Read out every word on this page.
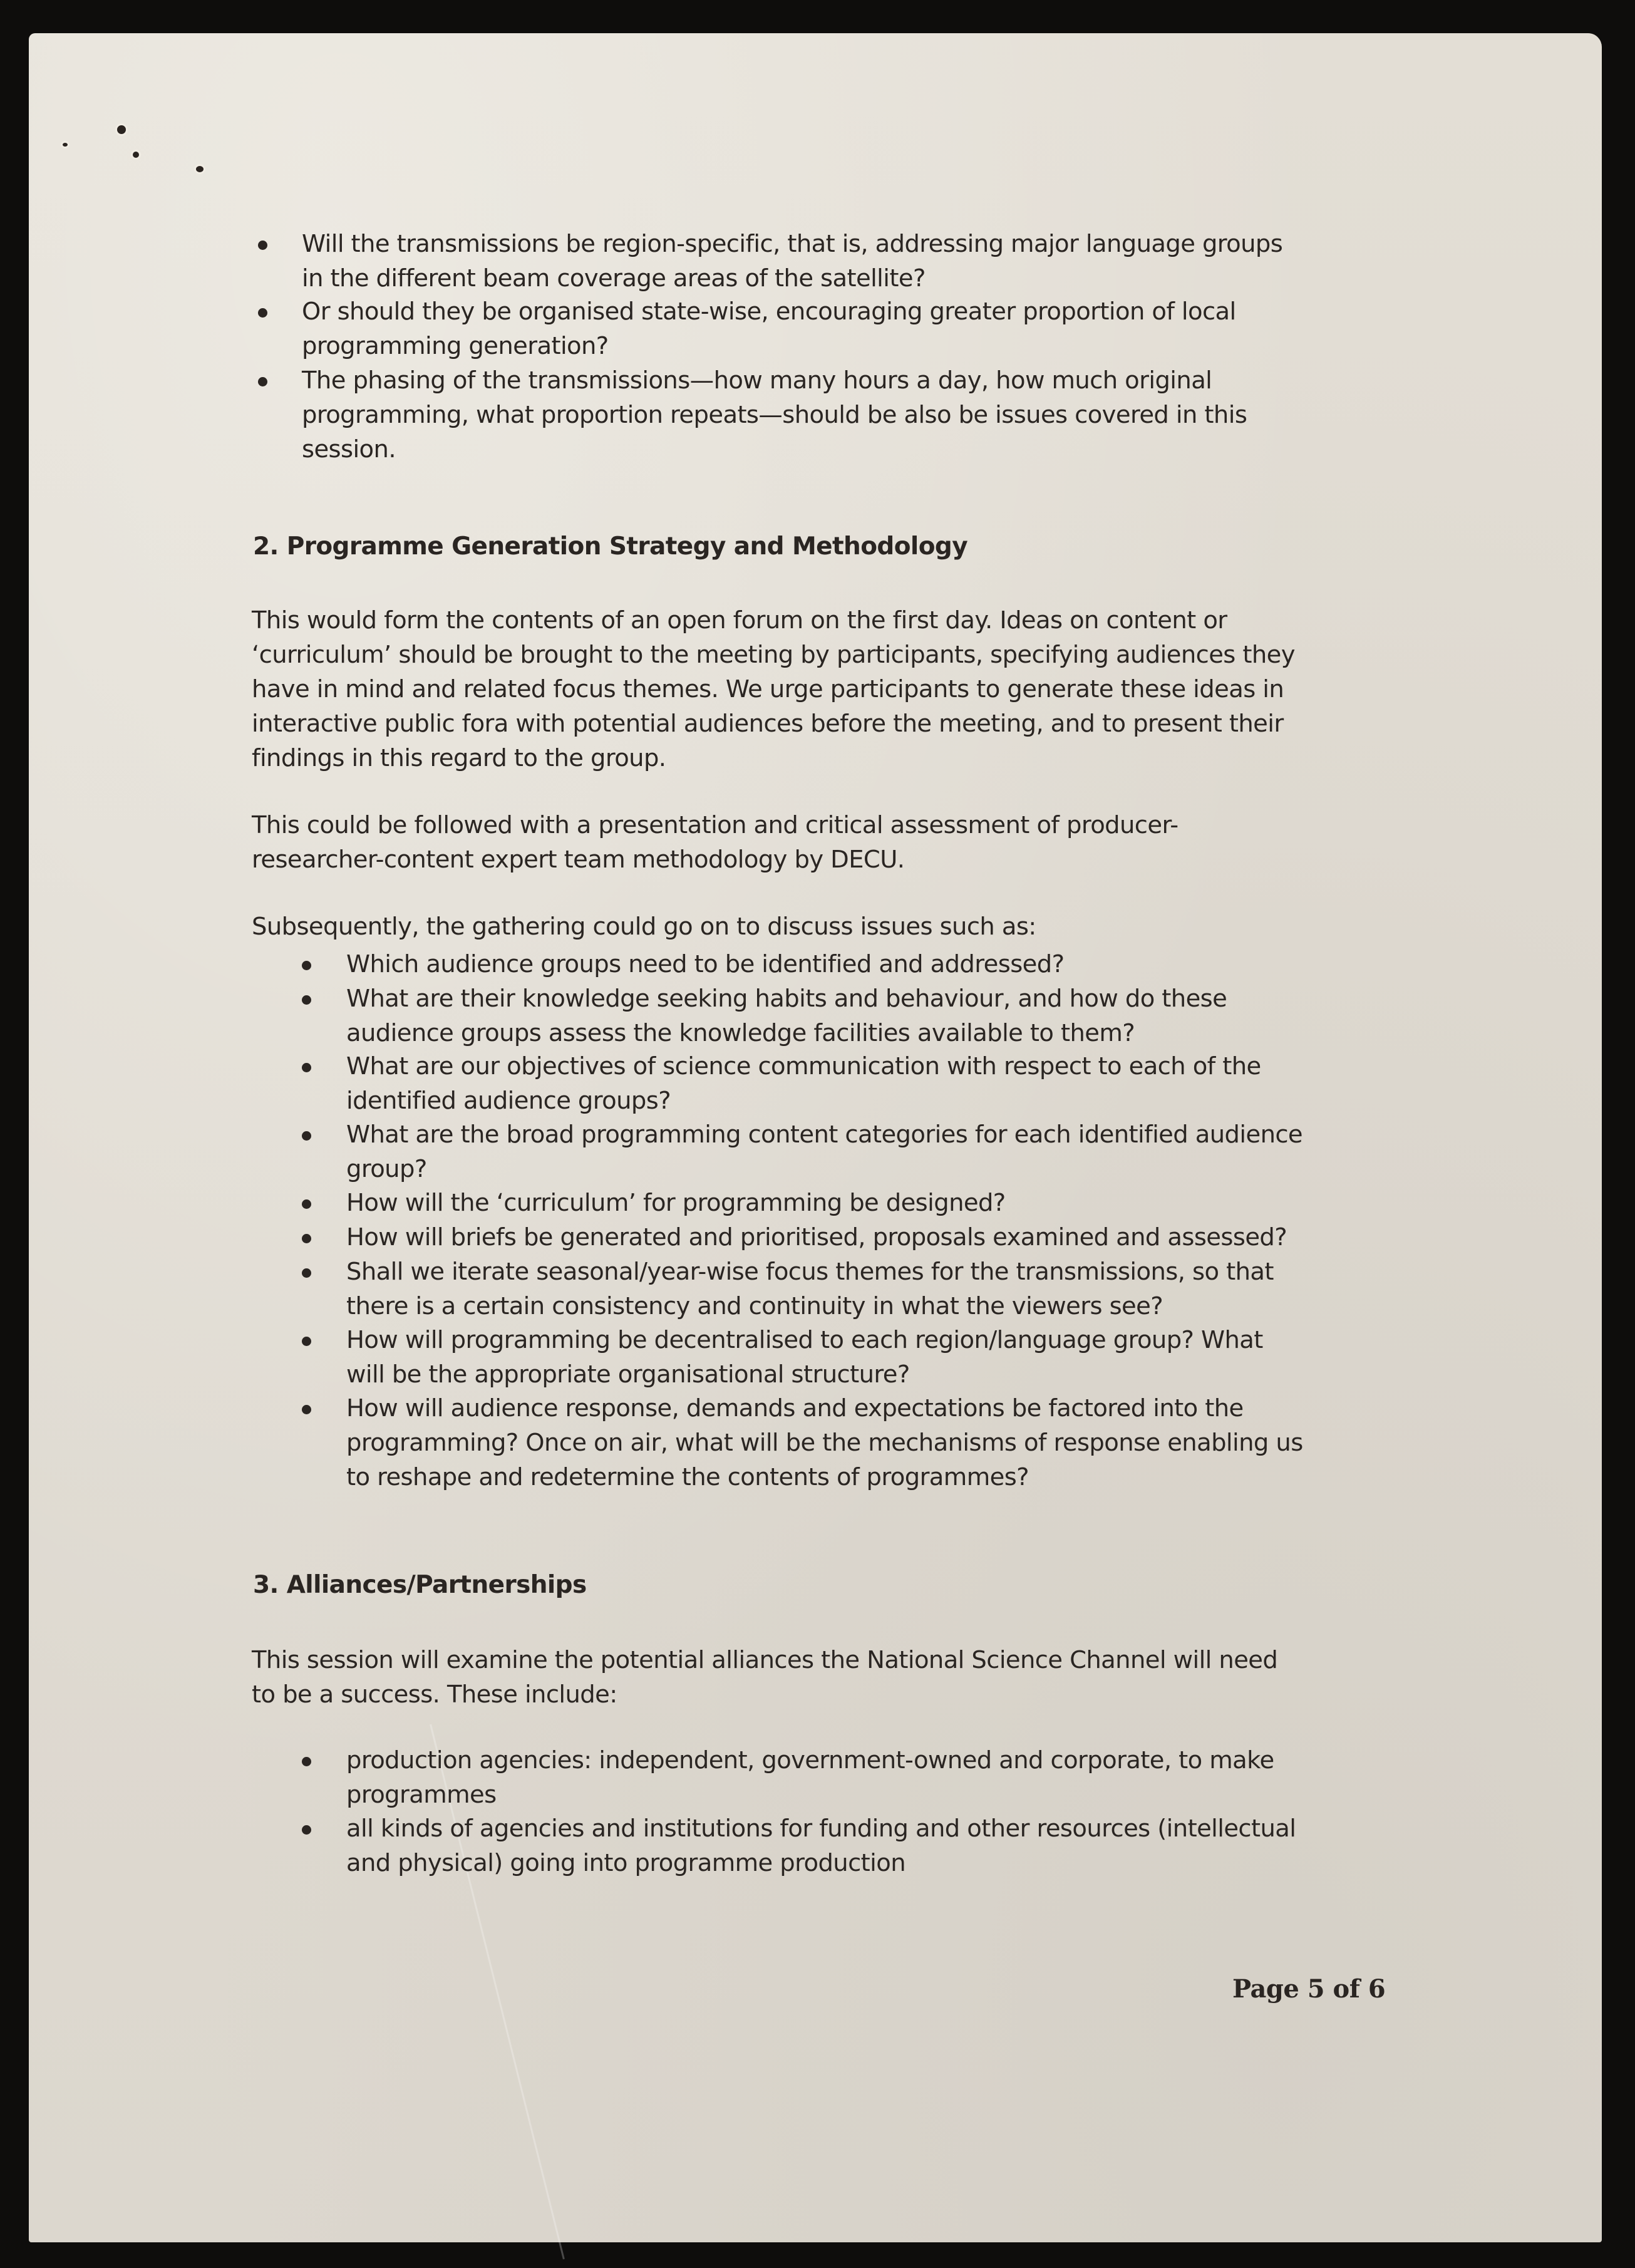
Will the transmissions be region-specific, that is, addressing major language groups
in the different beam coverage areas of the satellite?
Or should they be organised state-wise, encouraging greater proportion of local
programming generation?
The phasing of the transmissions—how many hours a day, how much original
programming, what proportion repeats—should be also be issues covered in this
session.
2. Programme Generation Strategy and Methodology
This would form the contents of an open forum on the first day. Ideas on content or
‘curriculum’ should be brought to the meeting by participants, specifying audiences they
have in mind and related focus themes. We urge participants to generate these ideas in
interactive public fora with potential audiences before the meeting, and to present their
findings in this regard to the group.
This could be followed with a presentation and critical assessment of producer-
researcher-content expert team methodology by DECU.
Subsequently, the gathering could go on to discuss issues such as:
Which audience groups need to be identified and addressed?
What are their knowledge seeking habits and behaviour, and how do these
audience groups assess the knowledge facilities available to them?
What are our objectives of science communication with respect to each of the
identified audience groups?
What are the broad programming content categories for each identified audience
group?
How will the ‘curriculum’ for programming be designed?
How will briefs be generated and prioritised, proposals examined and assessed?
Shall we iterate seasonal/year-wise focus themes for the transmissions, so that
there is a certain consistency and continuity in what the viewers see?
How will programming be decentralised to each region/language group? What
will be the appropriate organisational structure?
How will audience response, demands and expectations be factored into the
programming? Once on air, what will be the mechanisms of response enabling us
to reshape and redetermine the contents of programmes?
3. Alliances/Partnerships
This session will examine the potential alliances the National Science Channel will need
to be a success. These include:
production agencies: independent, government-owned and corporate, to make
programmes
all kinds of agencies and institutions for funding and other resources (intellectual
and physical) going into programme production
Page 5 of 6
